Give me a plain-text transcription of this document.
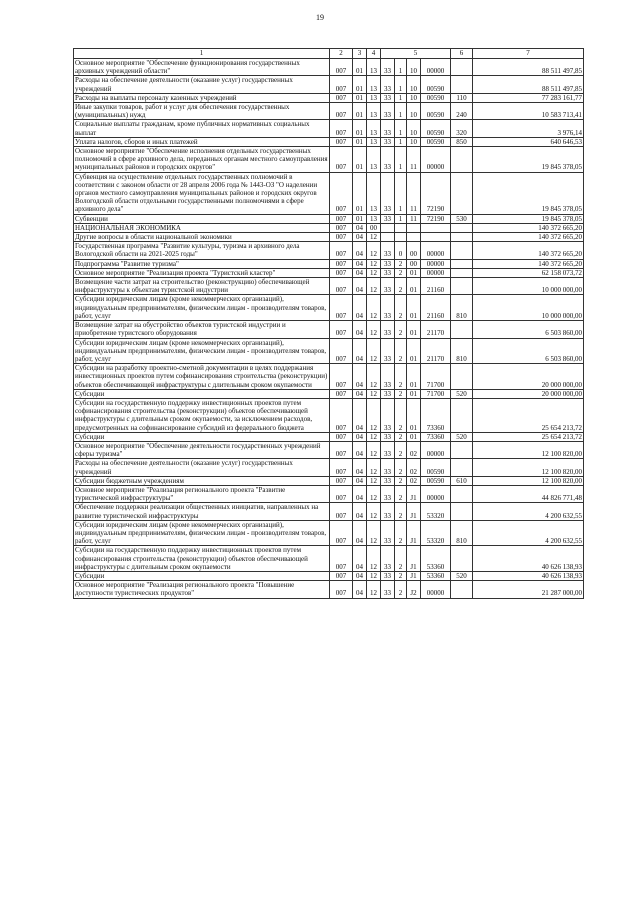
19
1	2	3	4	5				6	7
Основное мероприятие "Обеспечение функционирования государственных архивных учреждений области"	007	01	13	33	1	10	00000		88 511 497,85
Расходы на обеспечение деятельности (оказание услуг) государственных учреждений	007	01	13	33	1	10	00590		88 511 497,85
Расходы на выплаты персоналу казенных учреждений	007	01	13	33	1	10	00590	110	77 283 161,77
Иные закупки товаров, работ и услуг для обеспечения государственных (муниципальных) нужд	007	01	13	33	1	10	00590	240	10 583 713,41
Социальные выплаты гражданам, кроме публичных нормативных социальных выплат	007	01	13	33	1	10	00590	320	3 976,14
Уплата налогов, сборов и иных платежей	007	01	13	33	1	10	00590	850	640 646,53
Основное мероприятие "Обеспечение исполнения отдельных государственных полномочий в сфере архивного дела, переданных органам местного самоуправления муниципальных районов и городских округов"	007	01	13	33	1	11	00000		19 845 378,05
Субвенция на осуществление отдельных государственных полномочий в соответствии с законом области от 28 апреля 2006 года № 1443-ОЗ "О наделении органов местного самоуправления муниципальных районов и городских округов Вологодской области отдельными государственными полномочиями в сфере архивного дела"	007	01	13	33	1	11	72190		19 845 378,05
Субвенции	007	01	13	33	1	11	72190	530	19 845 378,05
НАЦИОНАЛЬНАЯ ЭКОНОМИКА	007	04	00						140 372 665,20
Другие вопросы в области национальной экономики	007	04	12						140 372 665,20
Государственная программа "Развитие культуры, туризма и архивного дела Вологодской области на 2021-2025 годы"	007	04	12	33	0	00	00000		140 372 665,20
Подпрограмма "Развитие туризма"	007	04	12	33	2	00	00000		140 372 665,20
Основное мероприятие "Реализация проекта "Туристский кластер"	007	04	12	33	2	01	00000		62 158 073,72
Возмещение части затрат на строительство (реконструкцию) обеспечивающей инфраструктуры к объектам туристской индустрии	007	04	12	33	2	01	21160		10 000 000,00
Субсидии юридическим лицам (кроме некоммерческих организаций), индивидуальным предпринимателям, физическим лицам - производителям товаров, работ, услуг	007	04	12	33	2	01	21160	810	10 000 000,00
Возмещение затрат на обустройство объектов туристской индустрии и приобретение туристского оборудования	007	04	12	33	2	01	21170		6 503 860,00
Субсидии юридическим лицам (кроме некоммерческих организаций), индивидуальным предпринимателям, физическим лицам - производителям товаров, работ, услуг	007	04	12	33	2	01	21170	810	6 503 860,00
Субсидии на разработку проектно-сметной документации в целях поддержания инвестиционных проектов путем софинансирования строительства (реконструкции) объектов обеспечивающей инфраструктуры с длительным сроком окупаемости	007	04	12	33	2	01	71700		20 000 000,00
Субсидии	007	04	12	33	2	01	71700	520	20 000 000,00
Субсидии на государственную поддержку инвестиционных проектов путем софинансирования строительства (реконструкции) объектов обеспечивающей инфраструктуры с длительным сроком окупаемости, за исключением расходов, предусмотренных на софинансирование субсидий из федерального бюджета	007	04	12	33	2	01	73360		25 654 213,72
Субсидии	007	04	12	33	2	01	73360	520	25 654 213,72
Основное мероприятие "Обеспечение деятельности государственных учреждений сферы туризма"	007	04	12	33	2	02	00000		12 100 820,00
Расходы на обеспечение деятельности (оказание услуг) государственных учреждений	007	04	12	33	2	02	00590		12 100 820,00
Субсидии бюджетным учреждениям	007	04	12	33	2	02	00590	610	12 100 820,00
Основное мероприятие "Реализация регионального проекта "Развитие туристической инфраструктуры"	007	04	12	33	2	J1	00000		44 826 771,48
Обеспечение поддержки реализации общественных инициатив, направленных на развитие туристической инфраструктуры	007	04	12	33	2	J1	53320		4 200 632,55
Субсидии юридическим лицам (кроме некоммерческих организаций), индивидуальным предпринимателям, физическим лицам - производителям товаров, работ, услуг	007	04	12	33	2	J1	53320	810	4 200 632,55
Субсидии на государственную поддержку инвестиционных проектов путем софинансирования строительства (реконструкции) объектов обеспечивающей инфраструктуры с длительным сроком окупаемости	007	04	12	33	2	J1	53360		40 626 138,93
Субсидии	007	04	12	33	2	J1	53360	520	40 626 138,93
Основное мероприятие "Реализация регионального проекта "Повышение доступности туристических продуктов"	007	04	12	33	2	J2	00000		21 287 000,00
